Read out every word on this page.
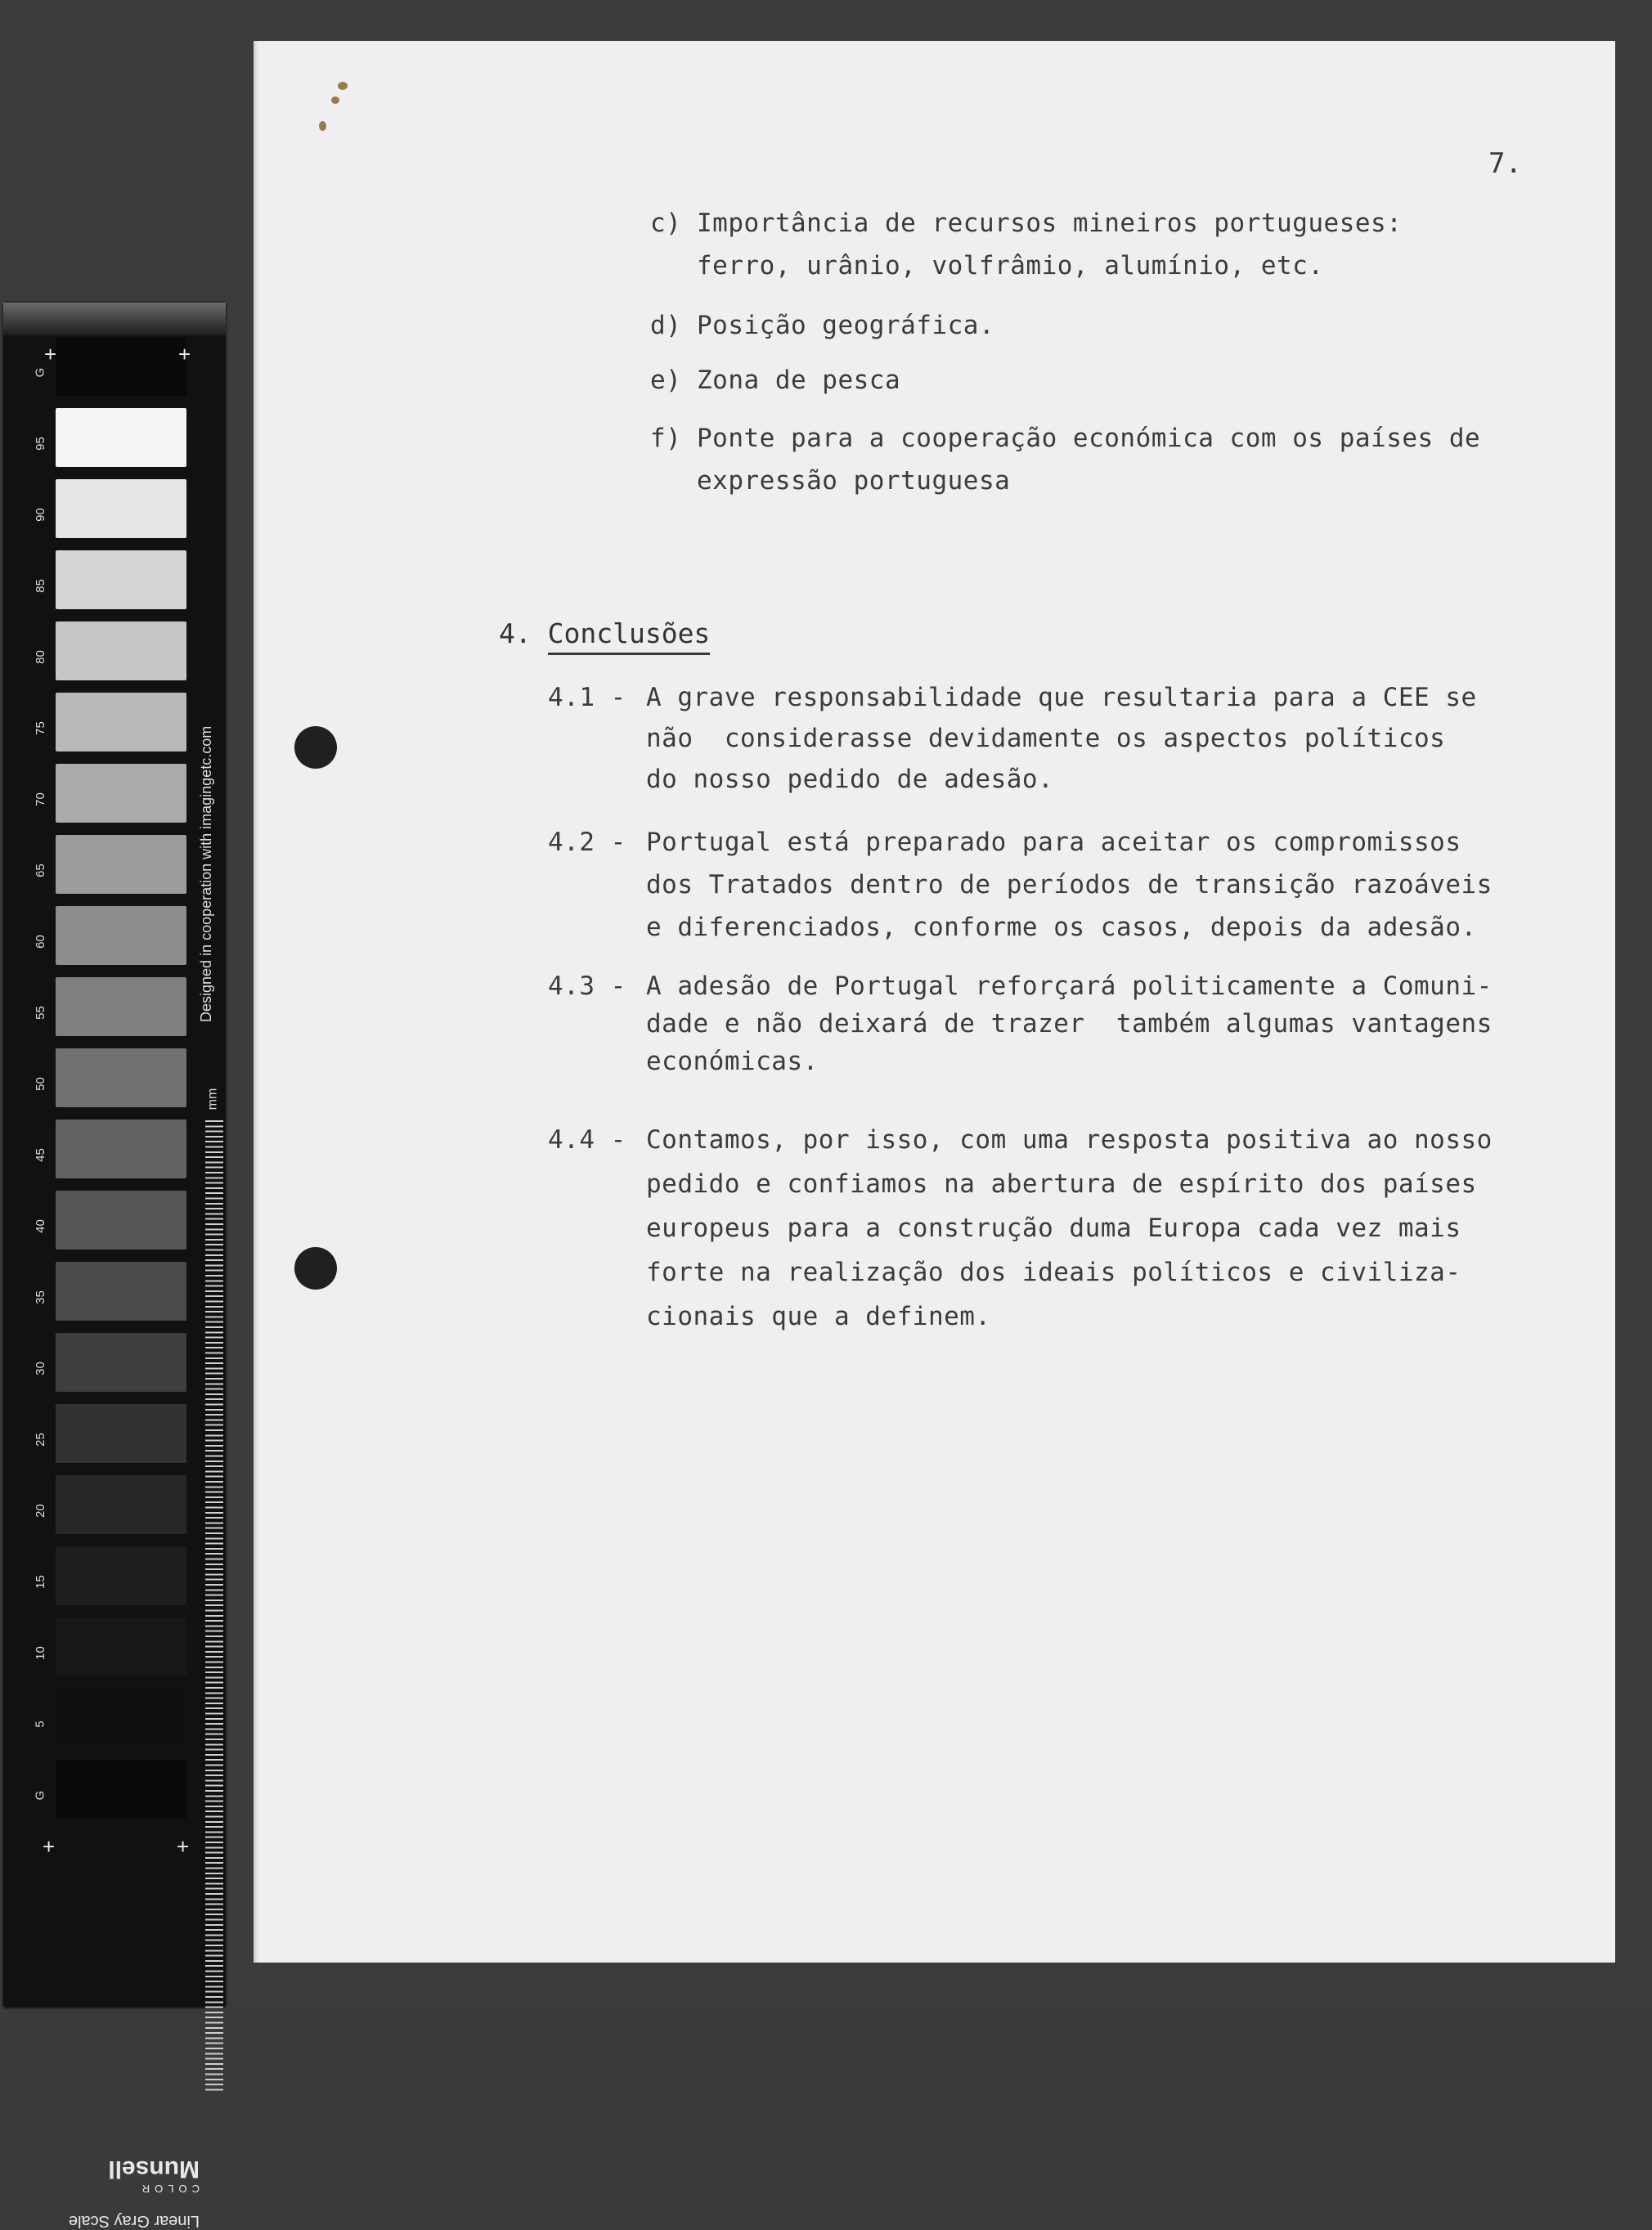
G
95
90
85
80
75
70
65
60
55
50
45
40
35
30
25
20
15
10
5
G
+	+
+	+
Designed in cooperation with imagingetc.com
mm
Linear Gray Scale
COLOR
Munsell
7.
c) Importância de recursos mineiros portugueses:
ferro, urânio, volfrâmio, alumínio, etc.
d) Posição geográfica.
e) Zona de pesca
f) Ponte para a cooperação económica com os países de
expressão portuguesa
4. Conclusões
4.1 - A grave responsabilidade que resultaria para a CEE se
não  considerasse devidamente os aspectos políticos
do nosso pedido de adesão.
4.2 - Portugal está preparado para aceitar os compromissos
dos Tratados dentro de períodos de transição razoáveis
e diferenciados, conforme os casos, depois da adesão.
4.3 - A adesão de Portugal reforçará politicamente a Comuni-
dade e não deixará de trazer  também algumas vantagens
económicas.
4.4 - Contamos, por isso, com uma resposta positiva ao nosso
pedido e confiamos na abertura de espírito dos países
europeus para a construção duma Europa cada vez mais
forte na realização dos ideais políticos e civiliza-
cionais que a definem.
